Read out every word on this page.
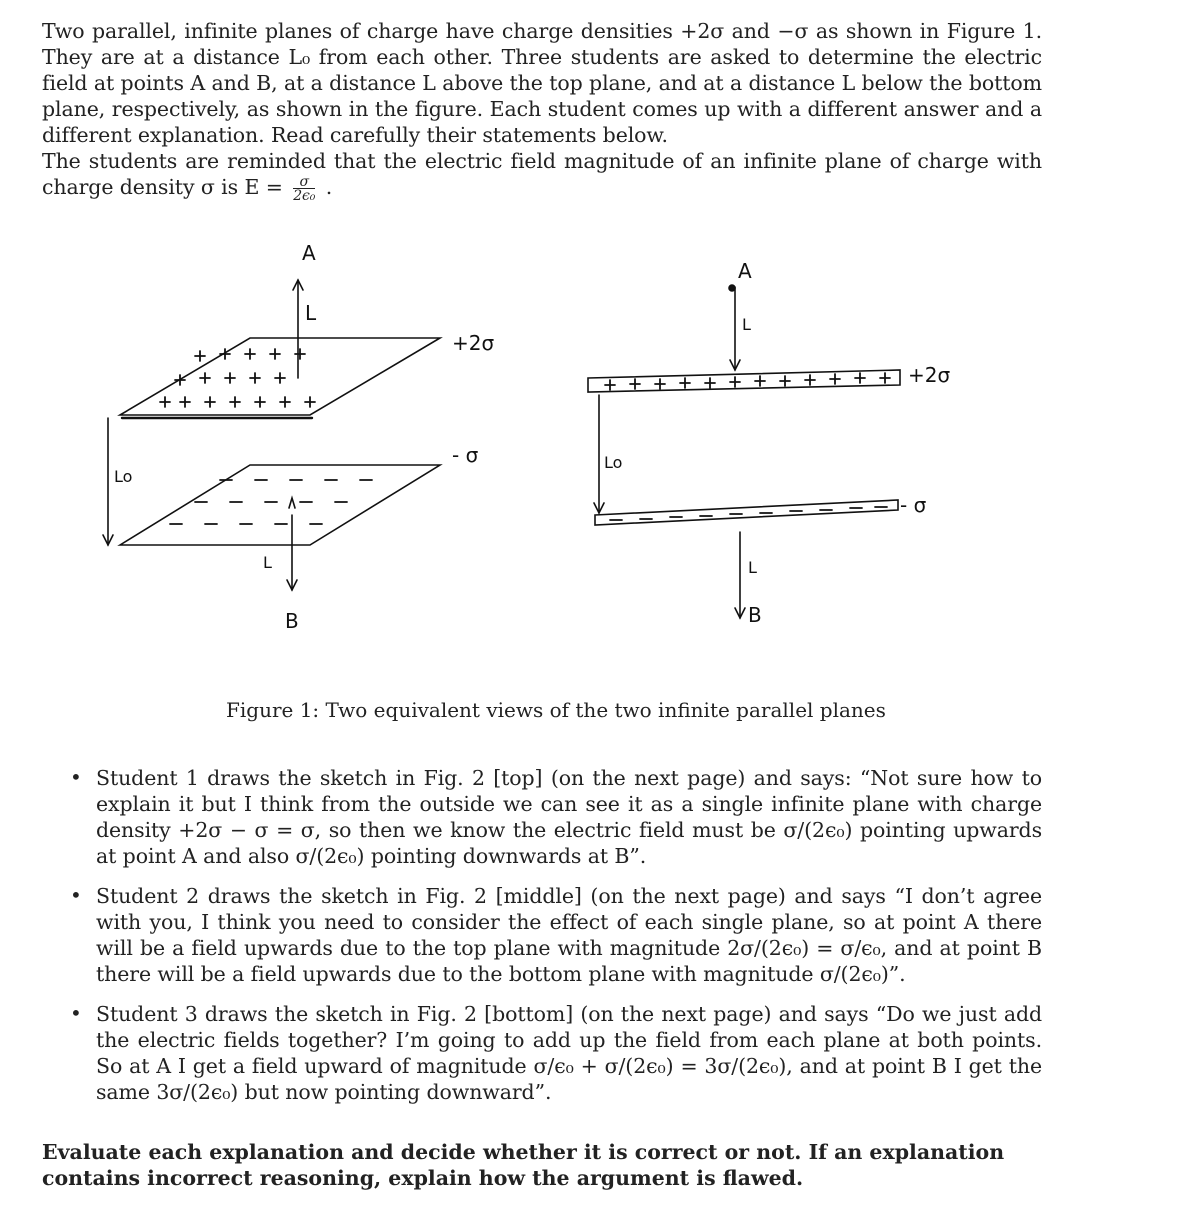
Two parallel, infinite planes of charge have charge densities +2σ and −σ as shown in Figure 1. They are at a distance L₀ from each other. Three students are asked to determine the electric field at points A and B, at a distance L above the top plane, and at a distance L below the bottom plane, respectively, as shown in the figure. Each student comes up with a different answer and a different explanation. Read carefully their statements below.

The students are reminded that the electric field magnitude of an infinite plane of charge with charge density σ is $E = \frac{\sigma}{\text{2ϵ₀}}$ .

A
L
+2σ
- σ
Lo
L
B
A
L
+2σ
- σ
Lo
L
B
Figure 1: Two equivalent views of the two infinite parallel planes
• Student 1 draws the sketch in Fig. 2 [top] (on the next page) and says: “Not sure how to explain it but I think from the outside we can see it as a single infinite plane with charge density +2σ − σ = σ, so then we know the electric field must be σ/(2ϵ₀) pointing upwards at point A and also σ/(2ϵ₀) pointing downwards at B”.

• Student 2 draws the sketch in Fig. 2 [middle] (on the next page) and says “I don’t agree with you, I think you need to consider the effect of each single plane, so at point A there will be a field upwards due to the top plane with magnitude 2σ/(2ϵ₀) = σ/ϵ₀, and at point B there will be a field upwards due to the bottom plane with magnitude σ/(2ϵ₀)”.

• Student 3 draws the sketch in Fig. 2 [bottom] (on the next page) and says “Do we just add the electric fields together? I’m going to add up the field from each plane at both points. So at A I get a field upward of magnitude σ/ϵ₀ + σ/(2ϵ₀) = 3σ/(2ϵ₀), and at point B I get the same 3σ/(2ϵ₀) but now pointing downward”.

Evaluate each explanation and decide whether it is correct or not. If an explanation contains incorrect reasoning, explain how the argument is flawed.
